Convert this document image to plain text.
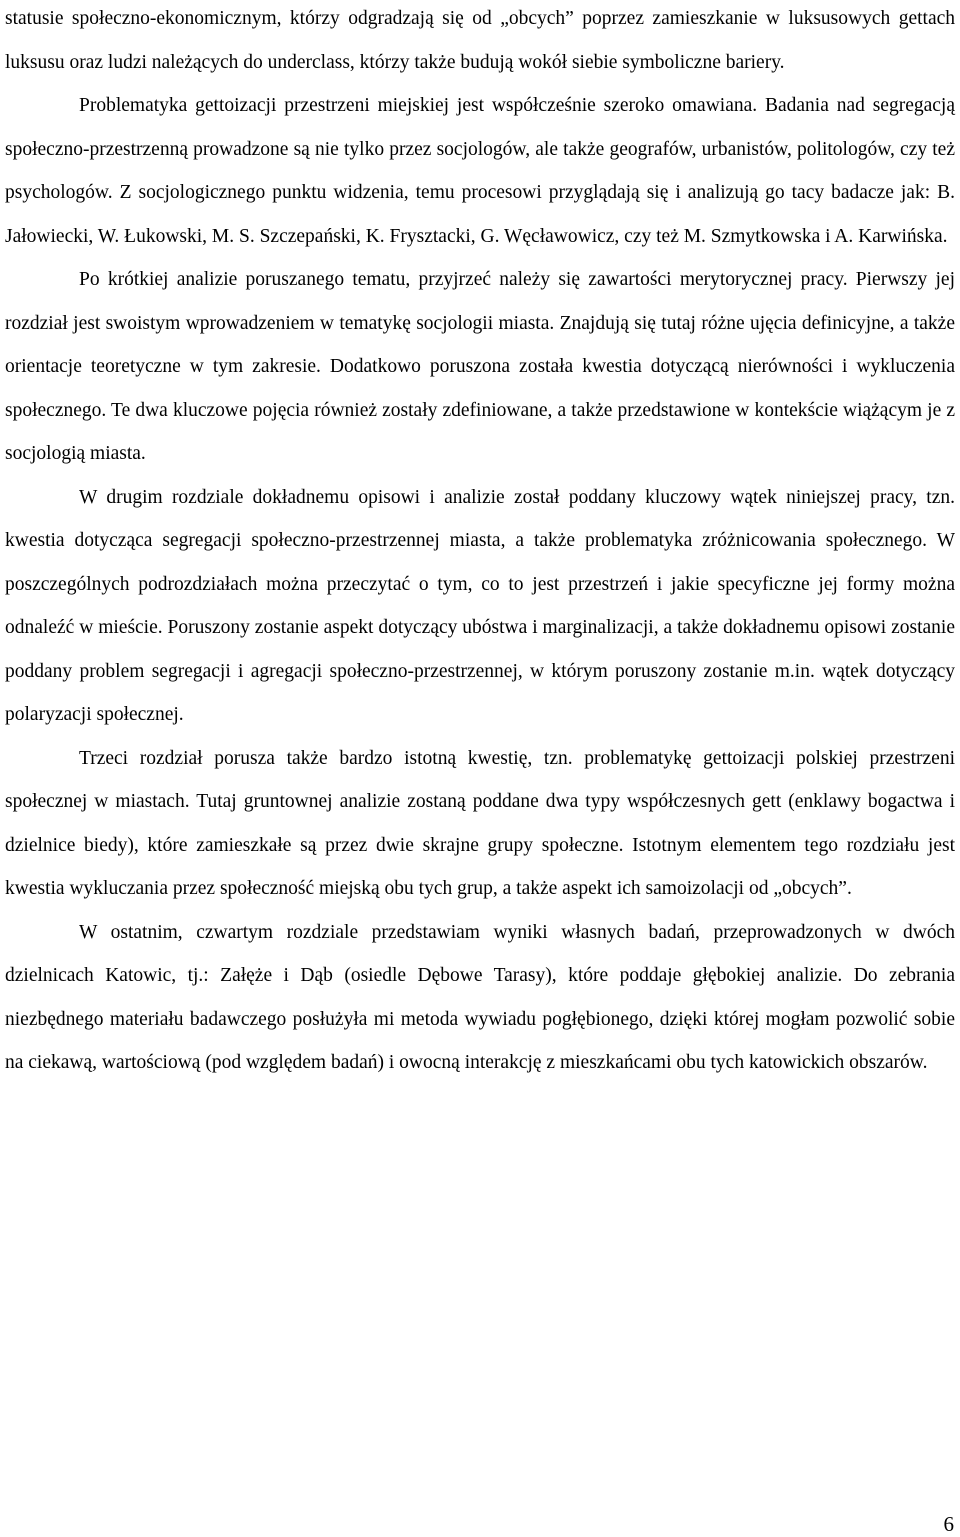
statusie społeczno-ekonomicznym, którzy odgradzają się od „obcych” poprzez zamieszkanie w luksusowych gettach luksusu oraz ludzi należących do underclass, którzy także budują wokół siebie symboliczne bariery.

Problematyka gettoizacji przestrzeni miejskiej jest współcześnie szeroko omawiana. Badania nad segregacją społeczno-przestrzenną prowadzone są nie tylko przez socjologów, ale także geografów, urbanistów, politologów, czy też psychologów. Z socjologicznego punktu widzenia, temu procesowi przyglądają się i analizują go tacy badacze jak: B. Jałowiecki, W. Łukowski, M. S. Szczepański, K. Frysztacki, G. Węcławowicz, czy też M. Szmytkowska i A. Karwińska.

Po krótkiej analizie poruszanego tematu, przyjrzeć należy się zawartości merytorycznej pracy. Pierwszy jej rozdział jest swoistym wprowadzeniem w tematykę socjologii miasta. Znajdują się tutaj różne ujęcia definicyjne, a także orientacje teoretyczne w tym zakresie. Dodatkowo poruszona została kwestia dotyczącą nierówności i wykluczenia społecznego. Te dwa kluczowe pojęcia również zostały zdefiniowane, a także przedstawione w kontekście wiążącym je z socjologią miasta.

W drugim rozdziale dokładnemu opisowi i analizie został poddany kluczowy wątek niniejszej pracy, tzn. kwestia dotycząca segregacji społeczno-przestrzennej miasta, a także problematyka zróżnicowania społecznego. W poszczególnych podrozdziałach można przeczytać o tym, co to jest przestrzeń i jakie specyficzne jej formy można odnaleźć w mieście. Poruszony zostanie aspekt dotyczący ubóstwa i marginalizacji, a także dokładnemu opisowi zostanie poddany problem segregacji i agregacji społeczno-przestrzennej, w którym poruszony zostanie m.in. wątek dotyczący polaryzacji społecznej.

Trzeci rozdział porusza także bardzo istotną kwestię, tzn. problematykę gettoizacji polskiej przestrzeni społecznej w miastach. Tutaj gruntownej analizie zostaną poddane dwa typy współczesnych gett (enklawy bogactwa i dzielnice biedy), które zamieszkałe są przez dwie skrajne grupy społeczne. Istotnym elementem tego rozdziału jest kwestia wykluczania przez społeczność miejską obu tych grup, a także aspekt ich samoizolacji od „obcych”.

W ostatnim, czwartym rozdziale przedstawiam wyniki własnych badań, przeprowadzonych w dwóch dzielnicach Katowic, tj.: Załęże i Dąb (osiedle Dębowe Tarasy), które poddaje głębokiej analizie. Do zebrania niezbędnego materiału badawczego posłużyła mi metoda wywiadu pogłębionego, dzięki której mogłam pozwolić sobie na ciekawą, wartościową (pod względem badań) i owocną interakcję z mieszkańcami obu tych katowickich obszarów.

6
